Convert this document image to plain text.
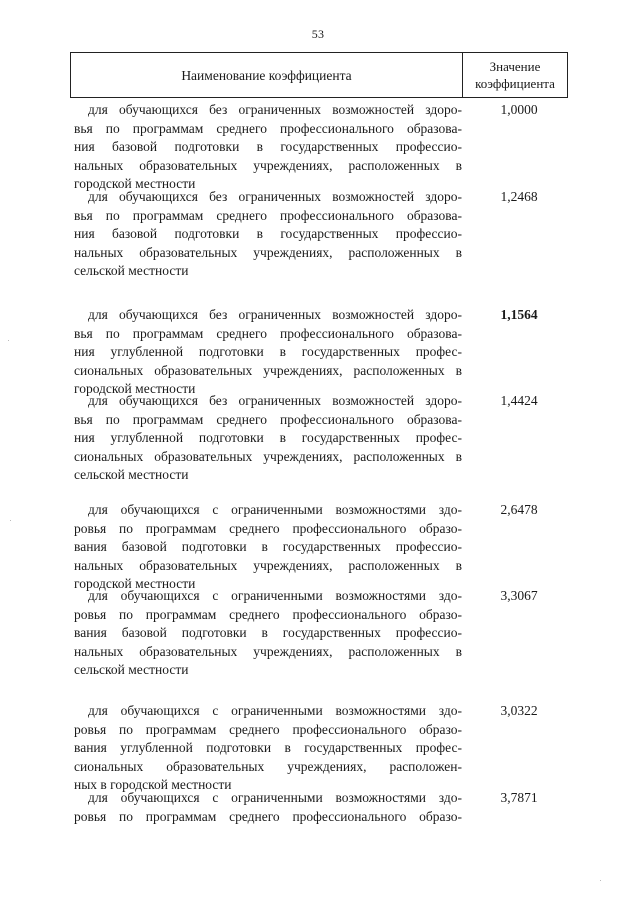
53
Наименование коэффициента
Значение
коэффициента

для обучающихся без ограниченных возможностей здоро-
вья по программам среднего профессионального образова-
ния базовой подготовки в государственных профессио-
нальных образовательных учреждениях, расположенных в
городской местности

1,0000

для обучающихся без ограниченных возможностей здоро-
вья по программам среднего профессионального образова-
ния базовой подготовки в государственных профессио-
нальных образовательных учреждениях, расположенных в
сельской местности

1,2468

для обучающихся без ограниченных возможностей здоро-
вья по программам среднего профессионального образова-
ния углубленной подготовки в государственных профес-
сиональных образовательных учреждениях, расположенных в
городской местности

1,1564

для обучающихся без ограниченных возможностей здоро-
вья по программам среднего профессионального образова-
ния углубленной подготовки в государственных профес-
сиональных образовательных учреждениях, расположенных в
сельской местности

1,4424

для обучающихся с ограниченными возможностями здо-
ровья по программам среднего профессионального образо-
вания базовой подготовки в государственных профессио-
нальных образовательных учреждениях, расположенных в
городской местности

2,6478

для обучающихся с ограниченными возможностями здо-
ровья по программам среднего профессионального образо-
вания базовой подготовки в государственных профессио-
нальных образовательных учреждениях, расположенных в
сельской местности

3,3067

для обучающихся с ограниченными возможностями здо-
ровья по программам среднего профессионального образо-
вания углубленной подготовки в государственных профес-
сиональных образовательных учреждениях, расположен-
ных в городской местности

3,0322

для обучающихся с ограниченными возможностями здо-
ровья по программам среднего профессионального образо-

3,7871
